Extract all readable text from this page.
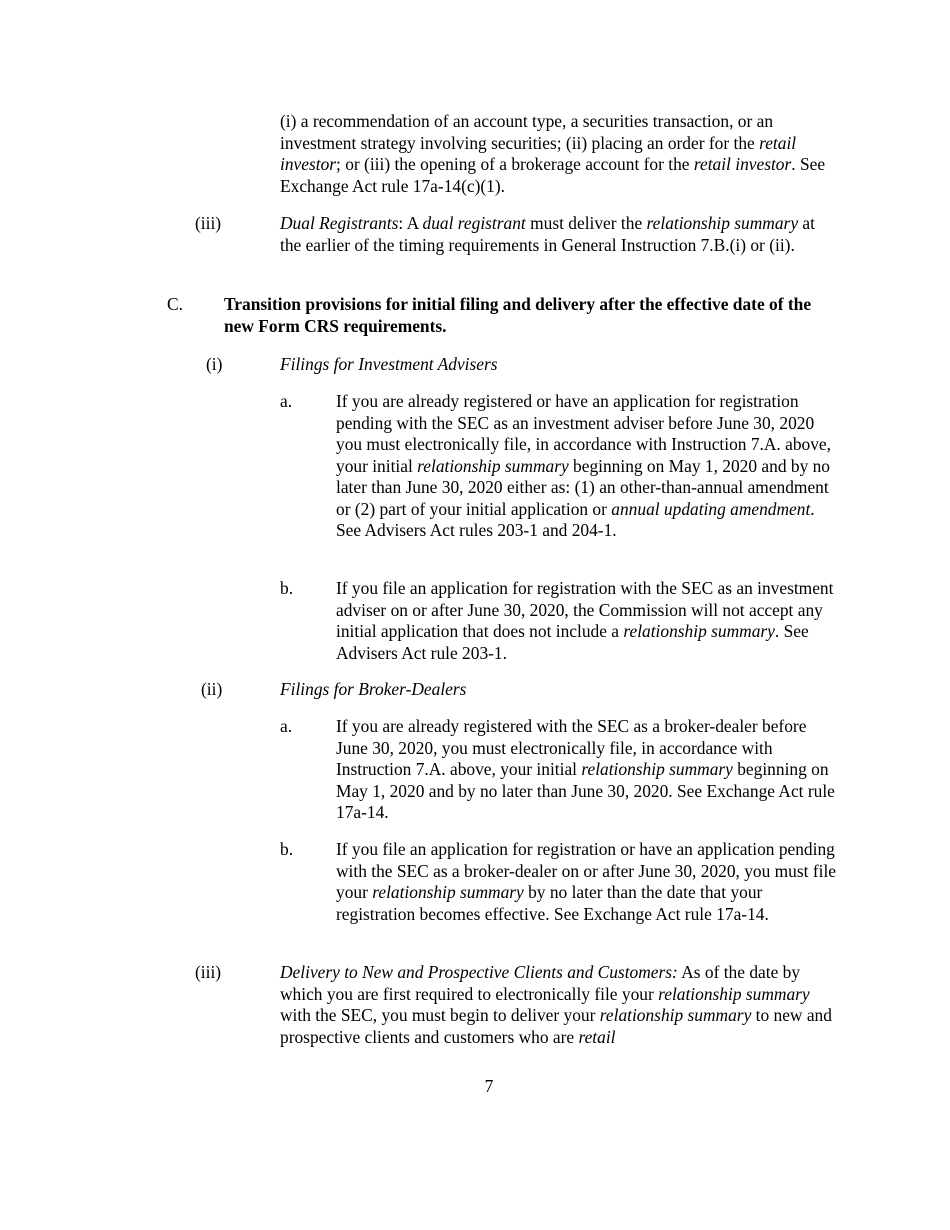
(i) a recommendation of an account type, a securities transaction, or an investment strategy involving securities; (ii) placing an order for the retail investor; or (iii) the opening of a brokerage account for the retail investor. See Exchange Act rule 17a-14(c)(1).

(iii)	Dual Registrants: A dual registrant must deliver the relationship summary at the earlier of the timing requirements in General Instruction 7.B.(i) or (ii).

C. Transition provisions for initial filing and delivery after the effective date of the new Form CRS requirements.

(i)	Filings for Investment Advisers

a.	If you are already registered or have an application for registration pending with the SEC as an investment adviser before June 30, 2020 you must electronically file, in accordance with Instruction 7.A. above, your initial relationship summary beginning on May 1, 2020 and by no later than June 30, 2020 either as: (1) an other-than-annual amendment or (2) part of your initial application or annual updating amendment. See Advisers Act rules 203-1 and 204-1.

b. If you file an application for registration with the SEC as an investment adviser on or after June 30, 2020, the Commission will not accept any initial application that does not include a relationship summary. See Advisers Act rule 203-1.

(ii)	Filings for Broker-Dealers

a.	If you are already registered with the SEC as a broker-dealer before June 30, 2020, you must electronically file, in accordance with Instruction 7.A. above, your initial relationship summary beginning on May 1, 2020 and by no later than June 30, 2020. See Exchange Act rule 17a-14.

b. If you file an application for registration or have an application pending with the SEC as a broker-dealer on or after June 30, 2020, you must file your relationship summary by no later than the date that your registration becomes effective. See Exchange Act rule 17a-14.

(iii)	Delivery to New and Prospective Clients and Customers: As of the date by which you are first required to electronically file your relationship summary with the SEC, you must begin to deliver your relationship summary to new and prospective clients and customers who are retail

7
